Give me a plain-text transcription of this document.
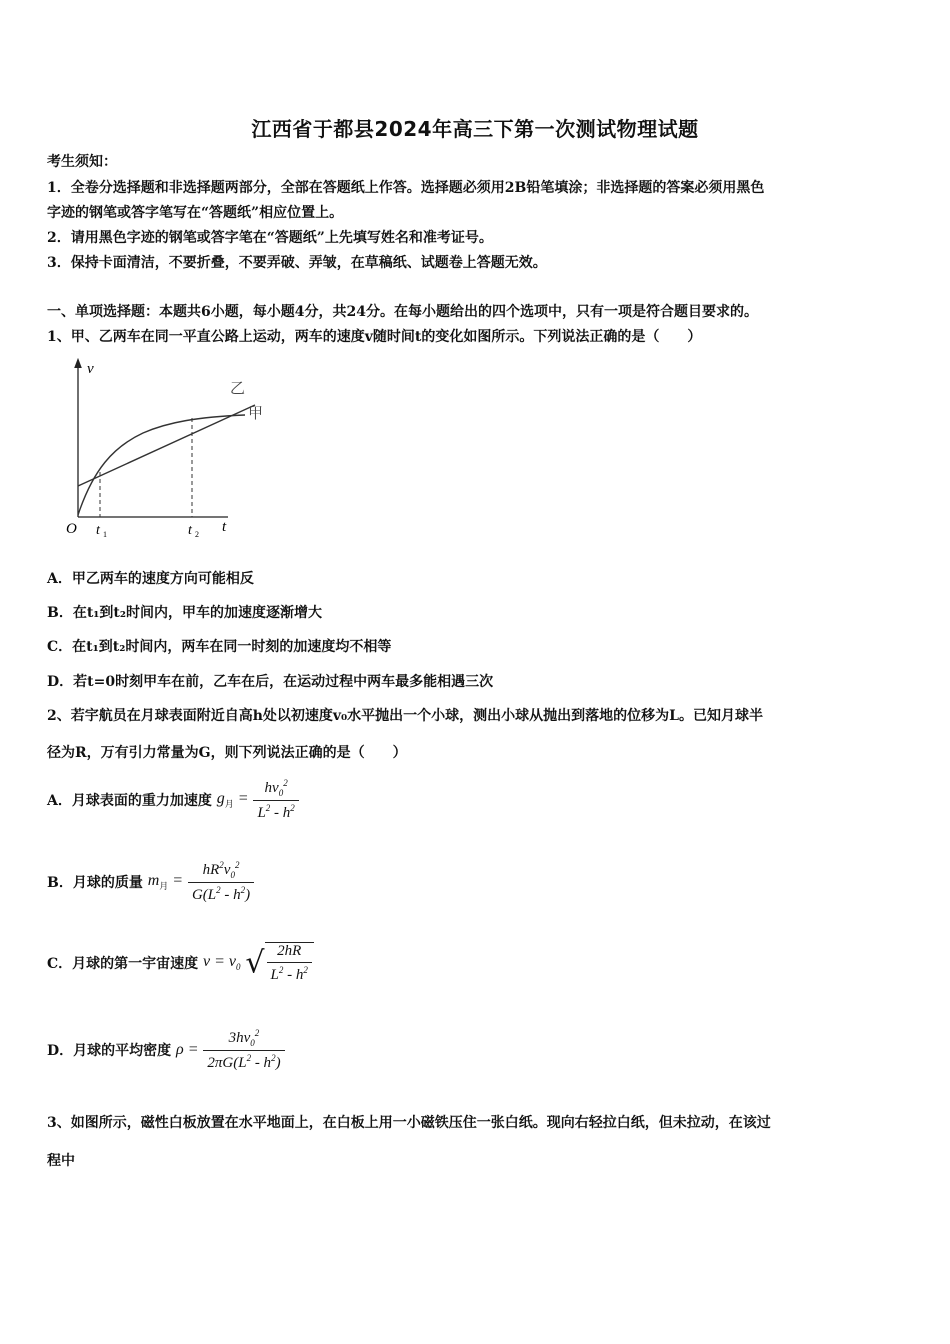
江西省于都县2024年高三下第一次测试物理试题
考生须知：
1．全卷分选择题和非选择题两部分，全部在答题纸上作答。选择题必须用2B铅笔填涂；非选择题的答案必须用黑色
字迹的钢笔或答字笔写在“答题纸”相应位置上。
2．请用黑色字迹的钢笔或答字笔在“答题纸”上先填写姓名和准考证号。
3．保持卡面清洁，不要折叠，不要弄破、弄皱，在草稿纸、试题卷上答题无效。
一、单项选择题：本题共6小题，每小题4分，共24分。在每小题给出的四个选项中，只有一项是符合题目要求的。
1、甲、乙两车在同一平直公路上运动，两车的速度v随时间t的变化如图所示。下列说法正确的是（　　）
v
t
O t 1	t 2
乙
甲
A．甲乙两车的速度方向可能相反
B．在t₁到t₂时间内，甲车的加速度逐渐增大
C．在t₁到t₂时间内，两车在同一时刻的加速度均不相等
D．若t=0时刻甲车在前，乙车在后，在运动过程中两车最多能相遇三次
2、若宇航员在月球表面附近自高h处以初速度v₀水平抛出一个小球，测出小球从抛出到落地的位移为L。已知月球半
径为R，万有引力常量为G，则下列说法正确的是（　　）
A．月球表面的重力加速度 $g_月 = \frac{hv_0^2}{L^2 - h^2}$
B．月球的质量 $m_月 = \frac{hR^2v_0^2}{G(L^2 - h^2)}$
C．月球的第一宇宙速度 $v = v_0$ √ $\frac{2hR}{L^2 - h^2}$
D．月球的平均密度 $\rho = \frac{3hv_0^2}{2\pi G(L^2 - h^2)}$
3、如图所示，磁性白板放置在水平地面上，在白板上用一小磁铁压住一张白纸。现向右轻拉白纸，但未拉动，在该过
程中
